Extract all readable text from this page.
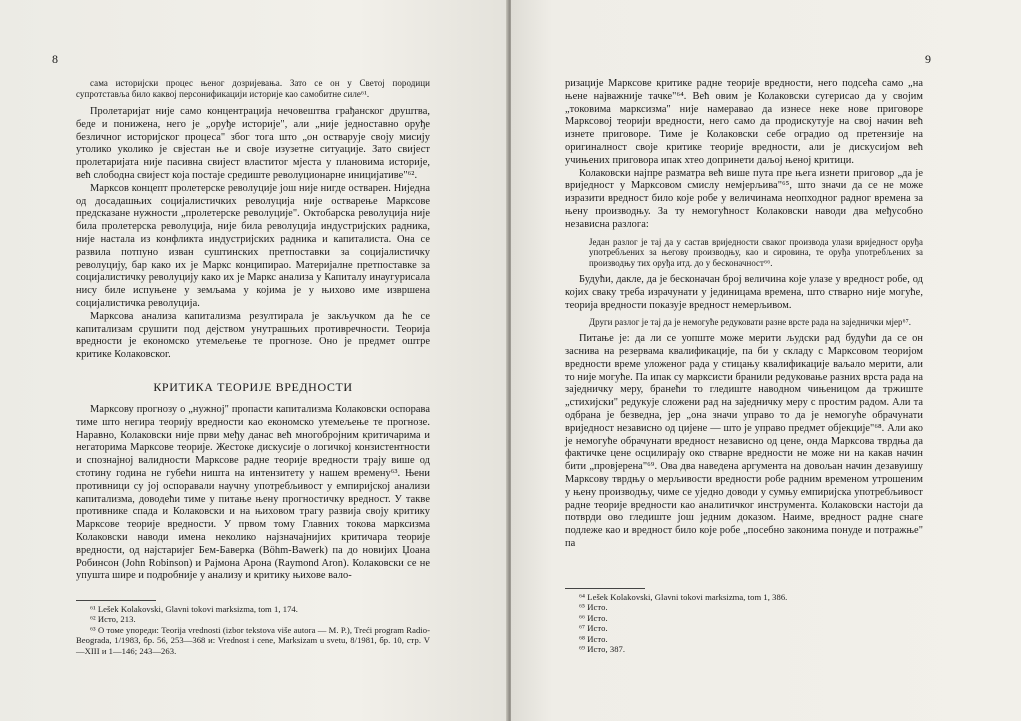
8

сама историјски процес њеног дозријевања. Зато се он у Светој породици супротставља било каквој персонификацији историје као самобитне силе⁶¹.

Пролетаријат није само концентрација нечовештва грађанског друштва, беде и пониженa, него је „оруђе историје", али „није једноставно оруђе безличног историјског процеса" због тога што „он остварује своју мисију утолико уколико је свјестан ње и своје изузетне ситуације. Зато свијест пролетаријата није пасивна свијест властитог мјеста у плановима историје, већ слободна свијест која постаје средиште револуционарне иницијативе"⁶².

Марксов концепт пролетерске револуције још није нигде остварен. Ниједна од досадашњих социјалистичких револуција није остварење Марксове предсказане нужности „пролетерске револуције". Октобарска револуција није била пролетерска револуција, није била револуција индустријских радника, није настала из конфликта индустријских радника и капиталиста. Она се развила потпуно изван суштинских претпоставки за социјалистичку револуцију, бар како их је Маркс конципирао. Материјалне претпоставке за социјалистичку револуцију како их је Маркс анализа у Капиталу инаугурисала нису биле испуњене у земљама у којима је у њихово име извршена социјалистичка револуција.

Марксова анализа капитализма резултирала је закључком да ће се капитализам срушити под дејством унутрашњих противречности. Теорија вредности је економско утемељење те прогнозе. Оно је предмет оштре критике Колаковског.

КРИТИКА ТЕОРИЈЕ ВРЕДНОСТИ

Марксову прогнозу о „нужној" пропасти капитализма Колаковски оспорава тиме што негира теорију вредности као економско утемељење те прогнозе. Наравно, Колаковски није први међу данас већ многобројним критичарима и негаторима Марксове теорије. Жестоке дискусије о логичкој конзистентности и спознајној валидности Марксове радне теорије вредности трају више од стотину година не губећи ништа на интензитету у нашем времену⁶³. Њени противници су јој оспоравали научну употребљивост у емпиријској анализи капитализма, доводећи тиме у питање њену прогностичку вредност. У таквe противнике спада и Колаковски и на њиховом трагу развија своју критику Марксове теорије вредности. У првом тому Главних токова марксизма Колаковски наводи имена неколико најзначајнијих критичара теорије вредности, од најстаријег Бем-Баверка (Böhm-Bawerk) па до новијих Џоана Робинсон (John Robinson) и Рајмона Арона (Raymond Aron). Колаковски се не упушта шире и подробније у анализу и критику њихове вало-

⁶¹ Lešek Kolakovski, Glavni tokovi marksizma, tom 1, 174.

⁶² Исто, 213.

⁶³ О томе упореди: Teorija vrednosti (izbor tekstova više autora — M. P.), Treći program Radio-Beograda, 1/1983, бр. 56, 253—368 и: Vrednost i cene, Marksizam u svetu, 8/1981, бр. 10, стр. V—XIII и 1—146; 243—263.

9

ризације Марксове критике радне теорије вредности, него подсећа само „на њене најважније тачке"⁶⁴. Већ овим је Колаковски сугерисао да у својим „токовима марксизма" није намеравао да изнесе неке нове приговоре Марксовој теорији вредности, него само да продискутује на свој начин већ изнете приговоре. Тиме је Колаковски себе оградио од претензије на оригиналност своје критике теорије вредности, али је дискусијом већ учињених приговора ипак хтео допринети даљој њеној критици.

Колаковски најпре разматра већ више пута пре њега изнети приговор „да је вриједност у Марксовом смислу немјерљива"⁶⁵, што значи да се не може изразити вредност било које робе у величинама неопходног радног времена за њену производњу. За ту немогућност Колаковски наводи два међусобно независна разлога:

Један разлог је тај да у састав вриједности сваког производа улази вриједност оруђа употребљених за његову производњу, као и сировина, те оруђа употребљених за производњу тих оруђа итд. до у бесконачност⁶⁶.

Будући, дакле, да је бесконачан број величина које улазе у вредност робе, од којих сваку треба израчунати у јединицама времена, што стварно није могуће, теорија вредности показује вредност немерљивом.

Други разлог је тај да је немогуће редуковати разне врсте рада на заједнички мјер⁶⁷.

Питање је: да ли се уопште може мерити људски рад будући да се он заснива на резервама квалификације, па би у складу с Марксовом теоријом вредности време уложеног рада у стицању квалификације ваљало мерити, али то није могуће. Па ипак су марксисти бранили редуковање разних врста рада на заједничку меру, бранећи то гледиште наводном чињеницом да тржиште „стихијски" редукује сложени рад на заједничку меру с простим радом. Али та одбрана је безведна, јер „она значи управо то да је немогуће обрачунати вриједност независно од цијене — што је управо предмет објекције"⁶⁸. Али ако је немогуће обрачунати вредност независно од цене, онда Марксова тврдња да фактичке цене осцилирају око стварне вредности не може ни на какав начин бити „провјерена"⁶⁹. Ова два наведена аргумента на довољан начин дезавуишу Марксову тврдњу о мерљивости вредности робе радним временом утрошеним у њену производњу, чиме се уједно доводи у сумњу емпиријска употребљивост радне теорије вредности као аналитичког инструмента. Колаковски настоји да потврди ово гледиште још једним доказом. Наиме, вредност радне снаге подлеже као и вредност било које робе „посебно законима понуде и потражње" па

⁶⁴ Lešek Kolakovski, Glavni tokovi marksizma, tom 1, 386.

⁶⁵ Исто.

⁶⁶ Исто.

⁶⁷ Исто.

⁶⁸ Исто.

⁶⁹ Исто, 387.
